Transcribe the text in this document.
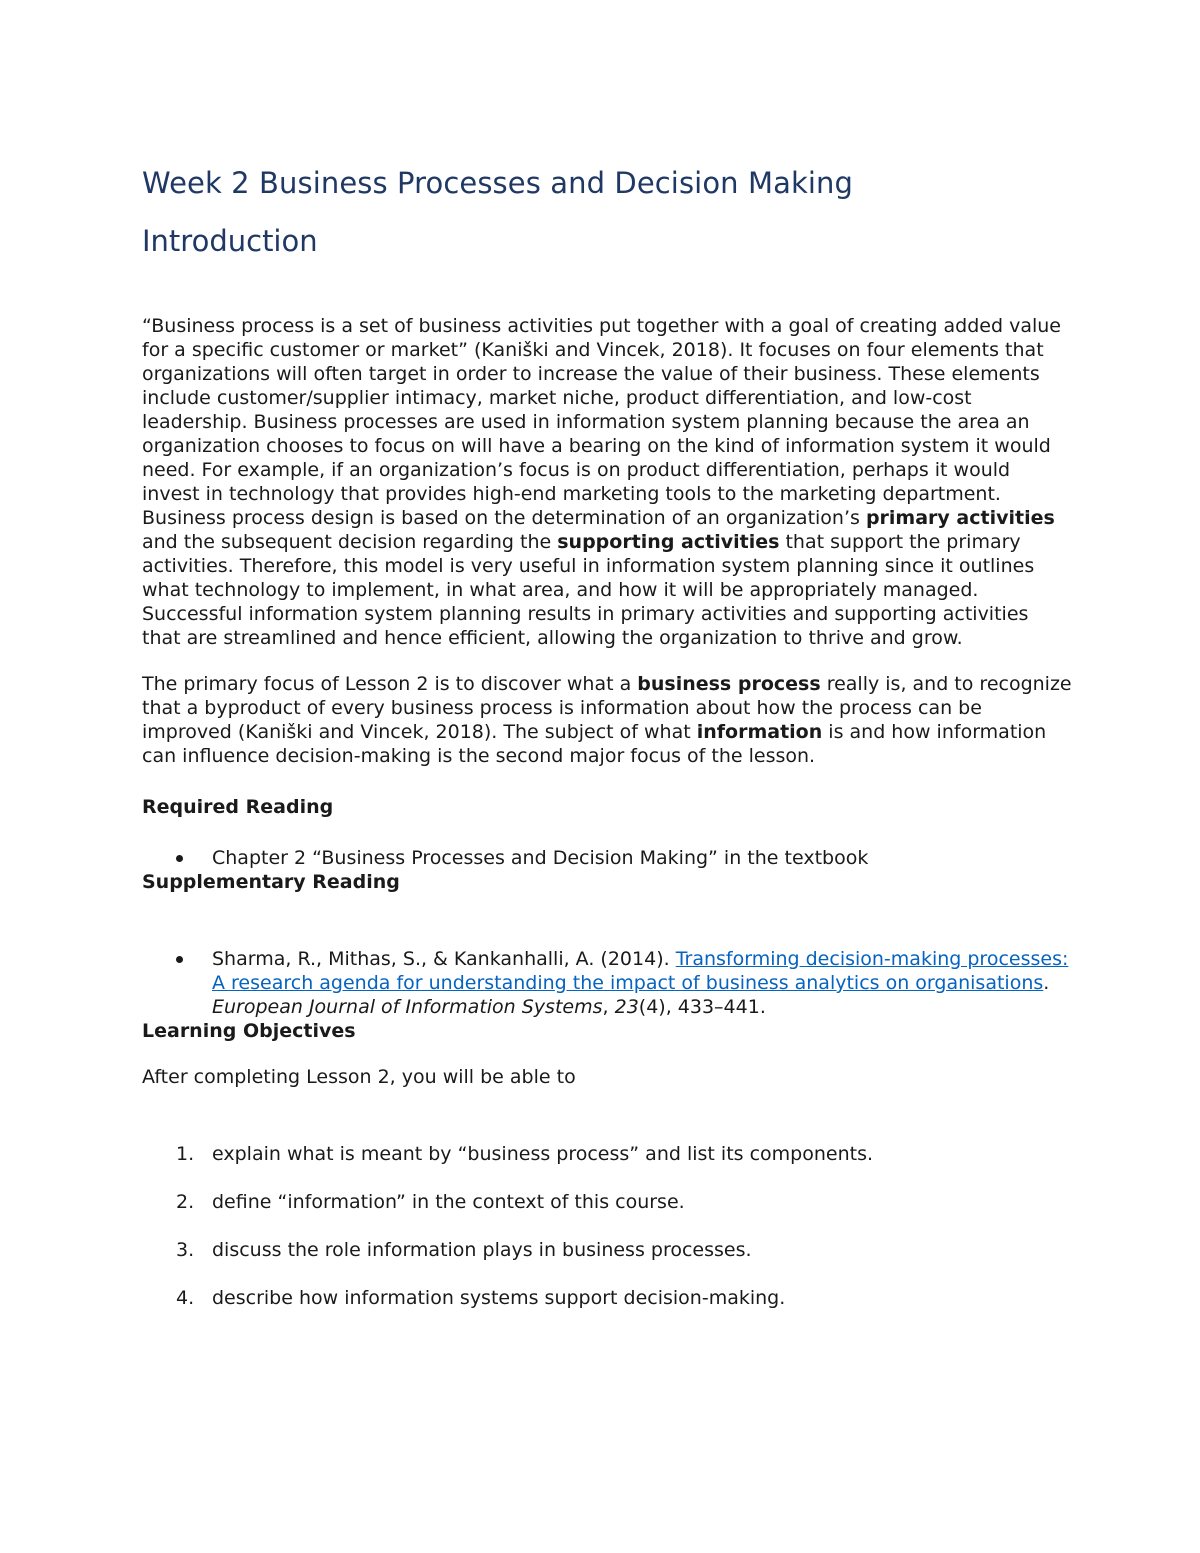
Week 2 Business Processes and Decision Making
Introduction

“Business process is a set of business activities put together with a goal of creating added value for a specific customer or market” (Kaniški and Vincek, 2018). It focuses on four elements that organizations will often target in order to increase the value of their business. These elements include customer/supplier intimacy, market niche, product differentiation, and low-cost leadership. Business processes are used in information system planning because the area an organization chooses to focus on will have a bearing on the kind of information system it would need. For example, if an organization’s focus is on product differentiation, perhaps it would invest in technology that provides high-end marketing tools to the marketing department. Business process design is based on the determination of an organization’s primary activities and the subsequent decision regarding the supporting activities that support the primary activities. Therefore, this model is very useful in information system planning since it outlines what technology to implement, in what area, and how it will be appropriately managed. Successful information system planning results in primary activities and supporting activities that are streamlined and hence efficient, allowing the organization to thrive and grow.

The primary focus of Lesson 2 is to discover what a business process really is, and to recognize that a byproduct of every business process is information about how the process can be improved (Kaniški and Vincek, 2018). The subject of what information is and how information can influence decision-making is the second major focus of the lesson.

Required Reading
Chapter 2 “Business Processes and Decision Making” in the textbook
Supplementary Reading
Sharma, R., Mithas, S., & Kankanhalli, A. (2014). Transforming decision-making processes: A research agenda for understanding the impact of business analytics on organisations. European Journal of Information Systems, 23(4), 433–441.
Learning Objectives

After completing Lesson 2, you will be able to

1. explain what is meant by “business process” and list its components.
2. define “information” in the context of this course.
3. discuss the role information plays in business processes.
4. describe how information systems support decision-making.
